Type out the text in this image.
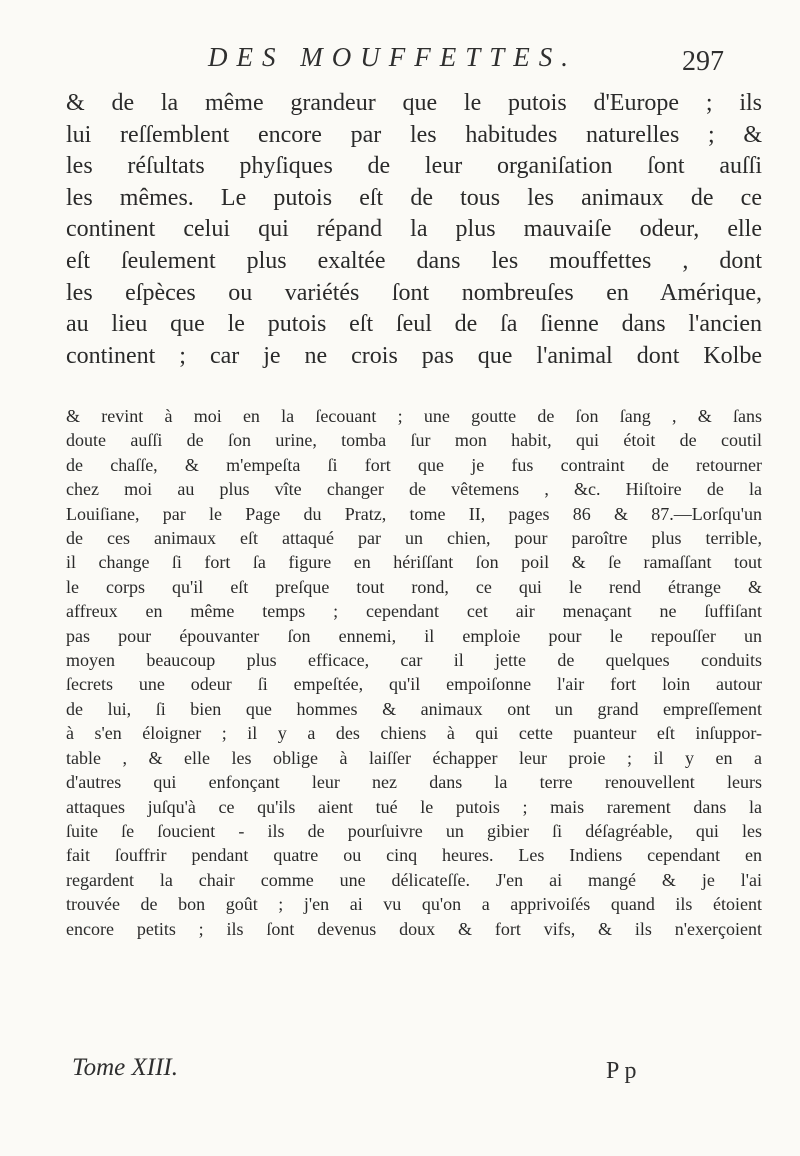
DES MOUFFETTES.	297
& de la même grandeur que le putois d'Europe ; ils
lui reſſemblent encore par les habitudes naturelles ; &
les réſultats phyſiques de leur organiſation ſont auſſi
les mêmes. Le putois eſt de tous les animaux de ce
continent celui qui répand la plus mauvaiſe odeur, elle
eſt ſeulement plus exaltée dans les mouffettes , dont
les eſpèces ou variétés ſont nombreuſes en Amérique,
au lieu que le putois eſt ſeul de ſa ſienne dans l'ancien
continent ; car je ne crois pas que l'animal dont Kolbe
& revint à moi en la ſecouant ; une goutte de ſon ſang , & ſans
doute auſſi de ſon urine, tomba ſur mon habit, qui étoit de coutil
de chaſſe, & m'empeſta ſi fort que je fus contraint de retourner
chez moi au plus vîte changer de vêtemens , &c. Hiſtoire de la
Louiſiane, par le Page du Pratz, tome II, pages 86 & 87.—Lorſqu'un
de ces animaux eſt attaqué par un chien, pour paroître plus terrible,
il change ſi fort ſa figure en hériſſant ſon poil & ſe ramaſſant tout
le corps qu'il eſt preſque tout rond, ce qui le rend étrange &
affreux en même temps ; cependant cet air menaçant ne ſuffiſant
pas pour épouvanter ſon ennemi, il emploie pour le repouſſer un
moyen beaucoup plus efficace, car il jette de quelques conduits
ſecrets une odeur ſi empeſtée, qu'il empoiſonne l'air fort loin autour
de lui, ſi bien que hommes & animaux ont un grand empreſſement
à s'en éloigner ; il y a des chiens à qui cette puanteur eſt inſuppor-
table , & elle les oblige à laiſſer échapper leur proie ; il y en a
d'autres qui enfonçant leur nez dans la terre renouvellent leurs
attaques juſqu'à ce qu'ils aient tué le putois ; mais rarement dans la
ſuite ſe ſoucient - ils de pourſuivre un gibier ſi déſagréable, qui les
fait ſouffrir pendant quatre ou cinq heures. Les Indiens cependant en
regardent la chair comme une délicateſſe. J'en ai mangé & je l'ai
trouvée de bon goût ; j'en ai vu qu'on a apprivoiſés quand ils étoient
encore petits ; ils ſont devenus doux & fort vifs, & ils n'exerçoient
Tome XIII.	P p
